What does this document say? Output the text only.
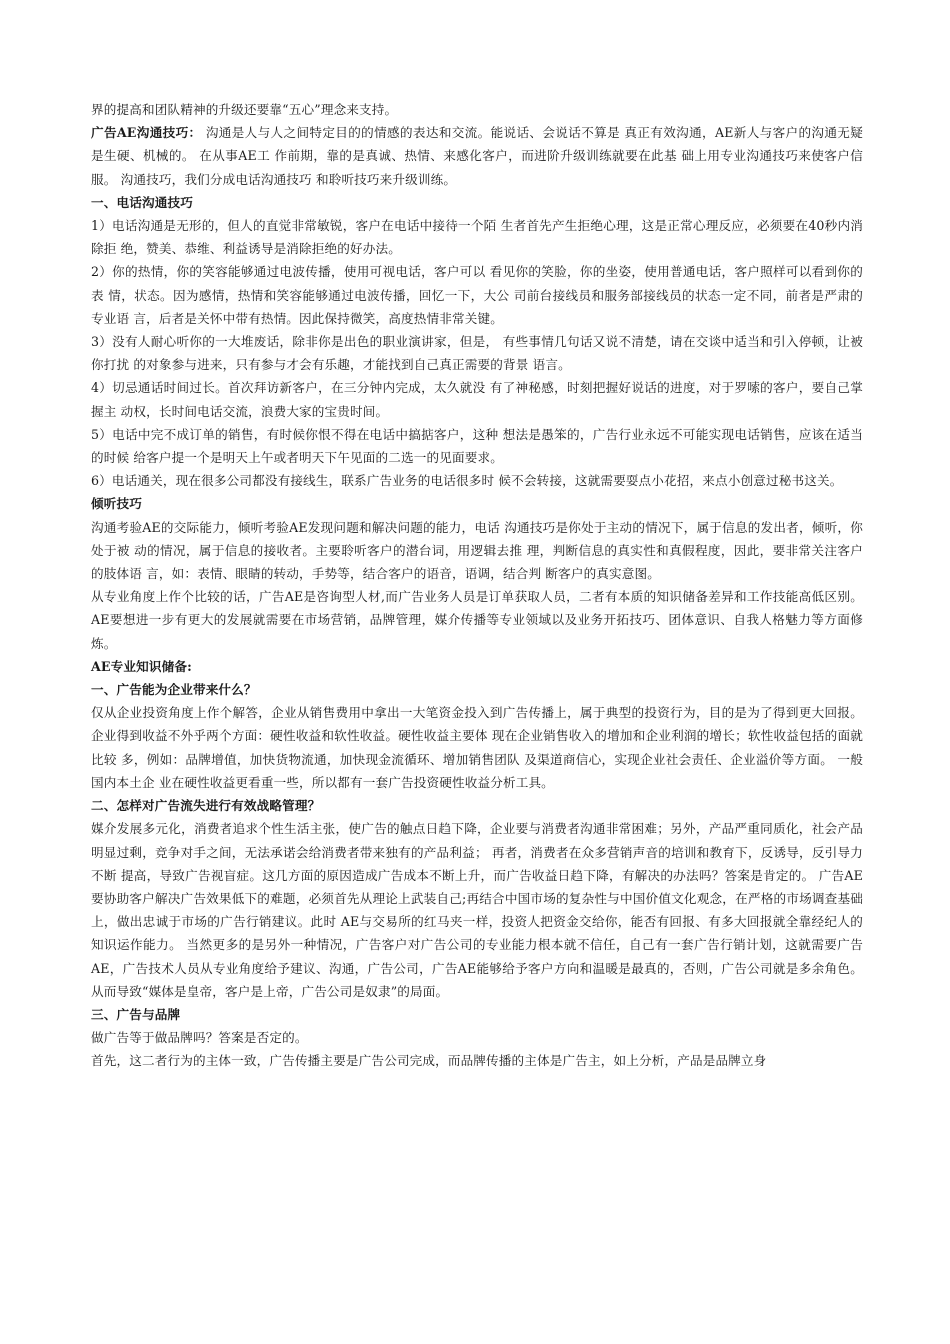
界的提高和团队精神的升级还要靠“五心”理念来支持。

广告AE沟通技巧： 沟通是人与人之间特定目的的情感的表达和交流。能说话、会说话不算是 真正有效沟通，AE新人与客户的沟通无疑是生硬、机械的。 在从事AE工 作前期，靠的是真诚、热情、来感化客户，而进阶升级训练就要在此基 础上用专业沟通技巧来使客户信服。 沟通技巧，我们分成电话沟通技巧 和聆听技巧来升级训练。

一、电话沟通技巧

1）电话沟通是无形的，但人的直觉非常敏锐，客户在电话中接待一个陌 生者首先产生拒绝心理，这是正常心理反应，必须要在40秒内消除拒 绝，赞美、恭维、利益诱导是消除拒绝的好办法。

2）你的热情，你的笑容能够通过电波传播，使用可视电话，客户可以 看见你的笑脸，你的坐姿，使用普通电话，客户照样可以看到你的表 情，状态。因为感情，热情和笑容能够通过电波传播，回忆一下，大公 司前台接线员和服务部接线员的状态一定不同，前者是严肃的专业语 言，后者是关怀中带有热情。因此保持微笑，高度热情非常关键。

3）没有人耐心听你的一大堆废话，除非你是出色的职业演讲家，但是， 有些事情几句话又说不清楚，请在交谈中适当和引入停顿，让被你打扰 的对象参与进来，只有参与才会有乐趣，才能找到自己真正需要的背景 语言。

4）切忌通话时间过长。首次拜访新客户，在三分钟内完成，太久就没 有了神秘感，时刻把握好说话的进度，对于罗嗦的客户，要自己掌握主 动权，长时间电话交流，浪费大家的宝贵时间。

5）电话中完不成订单的销售，有时候你恨不得在电话中搞掂客户，这种 想法是愚笨的，广告行业永远不可能实现电话销售，应该在适当的时候 给客户提一个是明天上午或者明天下午见面的二选一的见面要求。

6）电话通关，现在很多公司都没有接线生，联系广告业务的电话很多时 候不会转接，这就需要耍点小花招，来点小创意过秘书这关。

倾听技巧

沟通考验AE的交际能力，倾听考验AE发现问题和解决问题的能力，电话 沟通技巧是你处于主动的情况下，属于信息的发出者，倾听，你处于被 动的情况，属于信息的接收者。主要聆听客户的潜台词，用逻辑去推 理，判断信息的真实性和真假程度，因此，要非常关注客户的肢体语 言，如：表情、眼睛的转动，手势等，结合客户的语音，语调，结合判 断客户的真实意图。

从专业角度上作个比较的话，广告AE是咨询型人材,而广告业务人员是订单获取人员，二者有本质的知识储备差异和工作技能高低区别。AE要想进一步有更大的发展就需要在市场营销，品牌管理，媒介传播等专业领域以及业务开拓技巧、团体意识、自我人格魅力等方面修炼。

AE专业知识储备:

一、广告能为企业带来什么？

仅从企业投资角度上作个解答，企业从销售费用中拿出一大笔资金投入到广告传播上，属于典型的投资行为，目的是为了得到更大回报。 企业得到收益不外乎两个方面：硬性收益和软性收益。硬性收益主要体 现在企业销售收入的增加和企业利润的增长；软性收益包括的面就比较 多，例如：品牌增值，加快货物流通，加快现金流循环、增加销售团队 及渠道商信心，实现企业社会责任、企业溢价等方面。 一般国内本土企 业在硬性收益更看重一些，所以都有一套广告投资硬性收益分析工具。

二、怎样对广告流失进行有效战略管理？

媒介发展多元化，消费者追求个性生活主张，使广告的触点日趋下降，企业要与消费者沟通非常困难；另外，产品严重同质化，社会产品明显过剩，竞争对手之间，无法承诺会给消费者带来独有的产品利益； 再者，消费者在众多营销声音的培训和教育下，反诱导，反引导力不断 提高，导致广告视盲症。这几方面的原因造成广告成本不断上升，而广告收益日趋下降，有解决的办法吗？答案是肯定的。 广告AE要协助客户解决广告效果低下的难题，必须首先从理论上武装自己;再结合中国市场的复杂性与中国价值文化观念，在严格的市场调查基础上，做出忠诚于市场的广告行销建议。此时 AE与交易所的红马夹一样，投资人把资金交给你，能否有回报、有多大回报就全靠经纪人的知识运作能力。 当然更多的是另外一种情况，广告客户对广告公司的专业能力根本就不信任，自己有一套广告行销计划，这就需要广告AE，广告技术人员从专业角度给予建议、沟通，广告公司，广告AE能够给予客户方向和温暖是最真的，否则，广告公司就是多余角色。从而导致“媒体是皇帝，客户是上帝，广告公司是奴隶”的局面。

三、广告与品牌

做广告等于做品牌吗？答案是否定的。

首先，这二者行为的主体一致，广告传播主要是广告公司完成，而品牌传播的主体是广告主，如上分析，产品是品牌立身
